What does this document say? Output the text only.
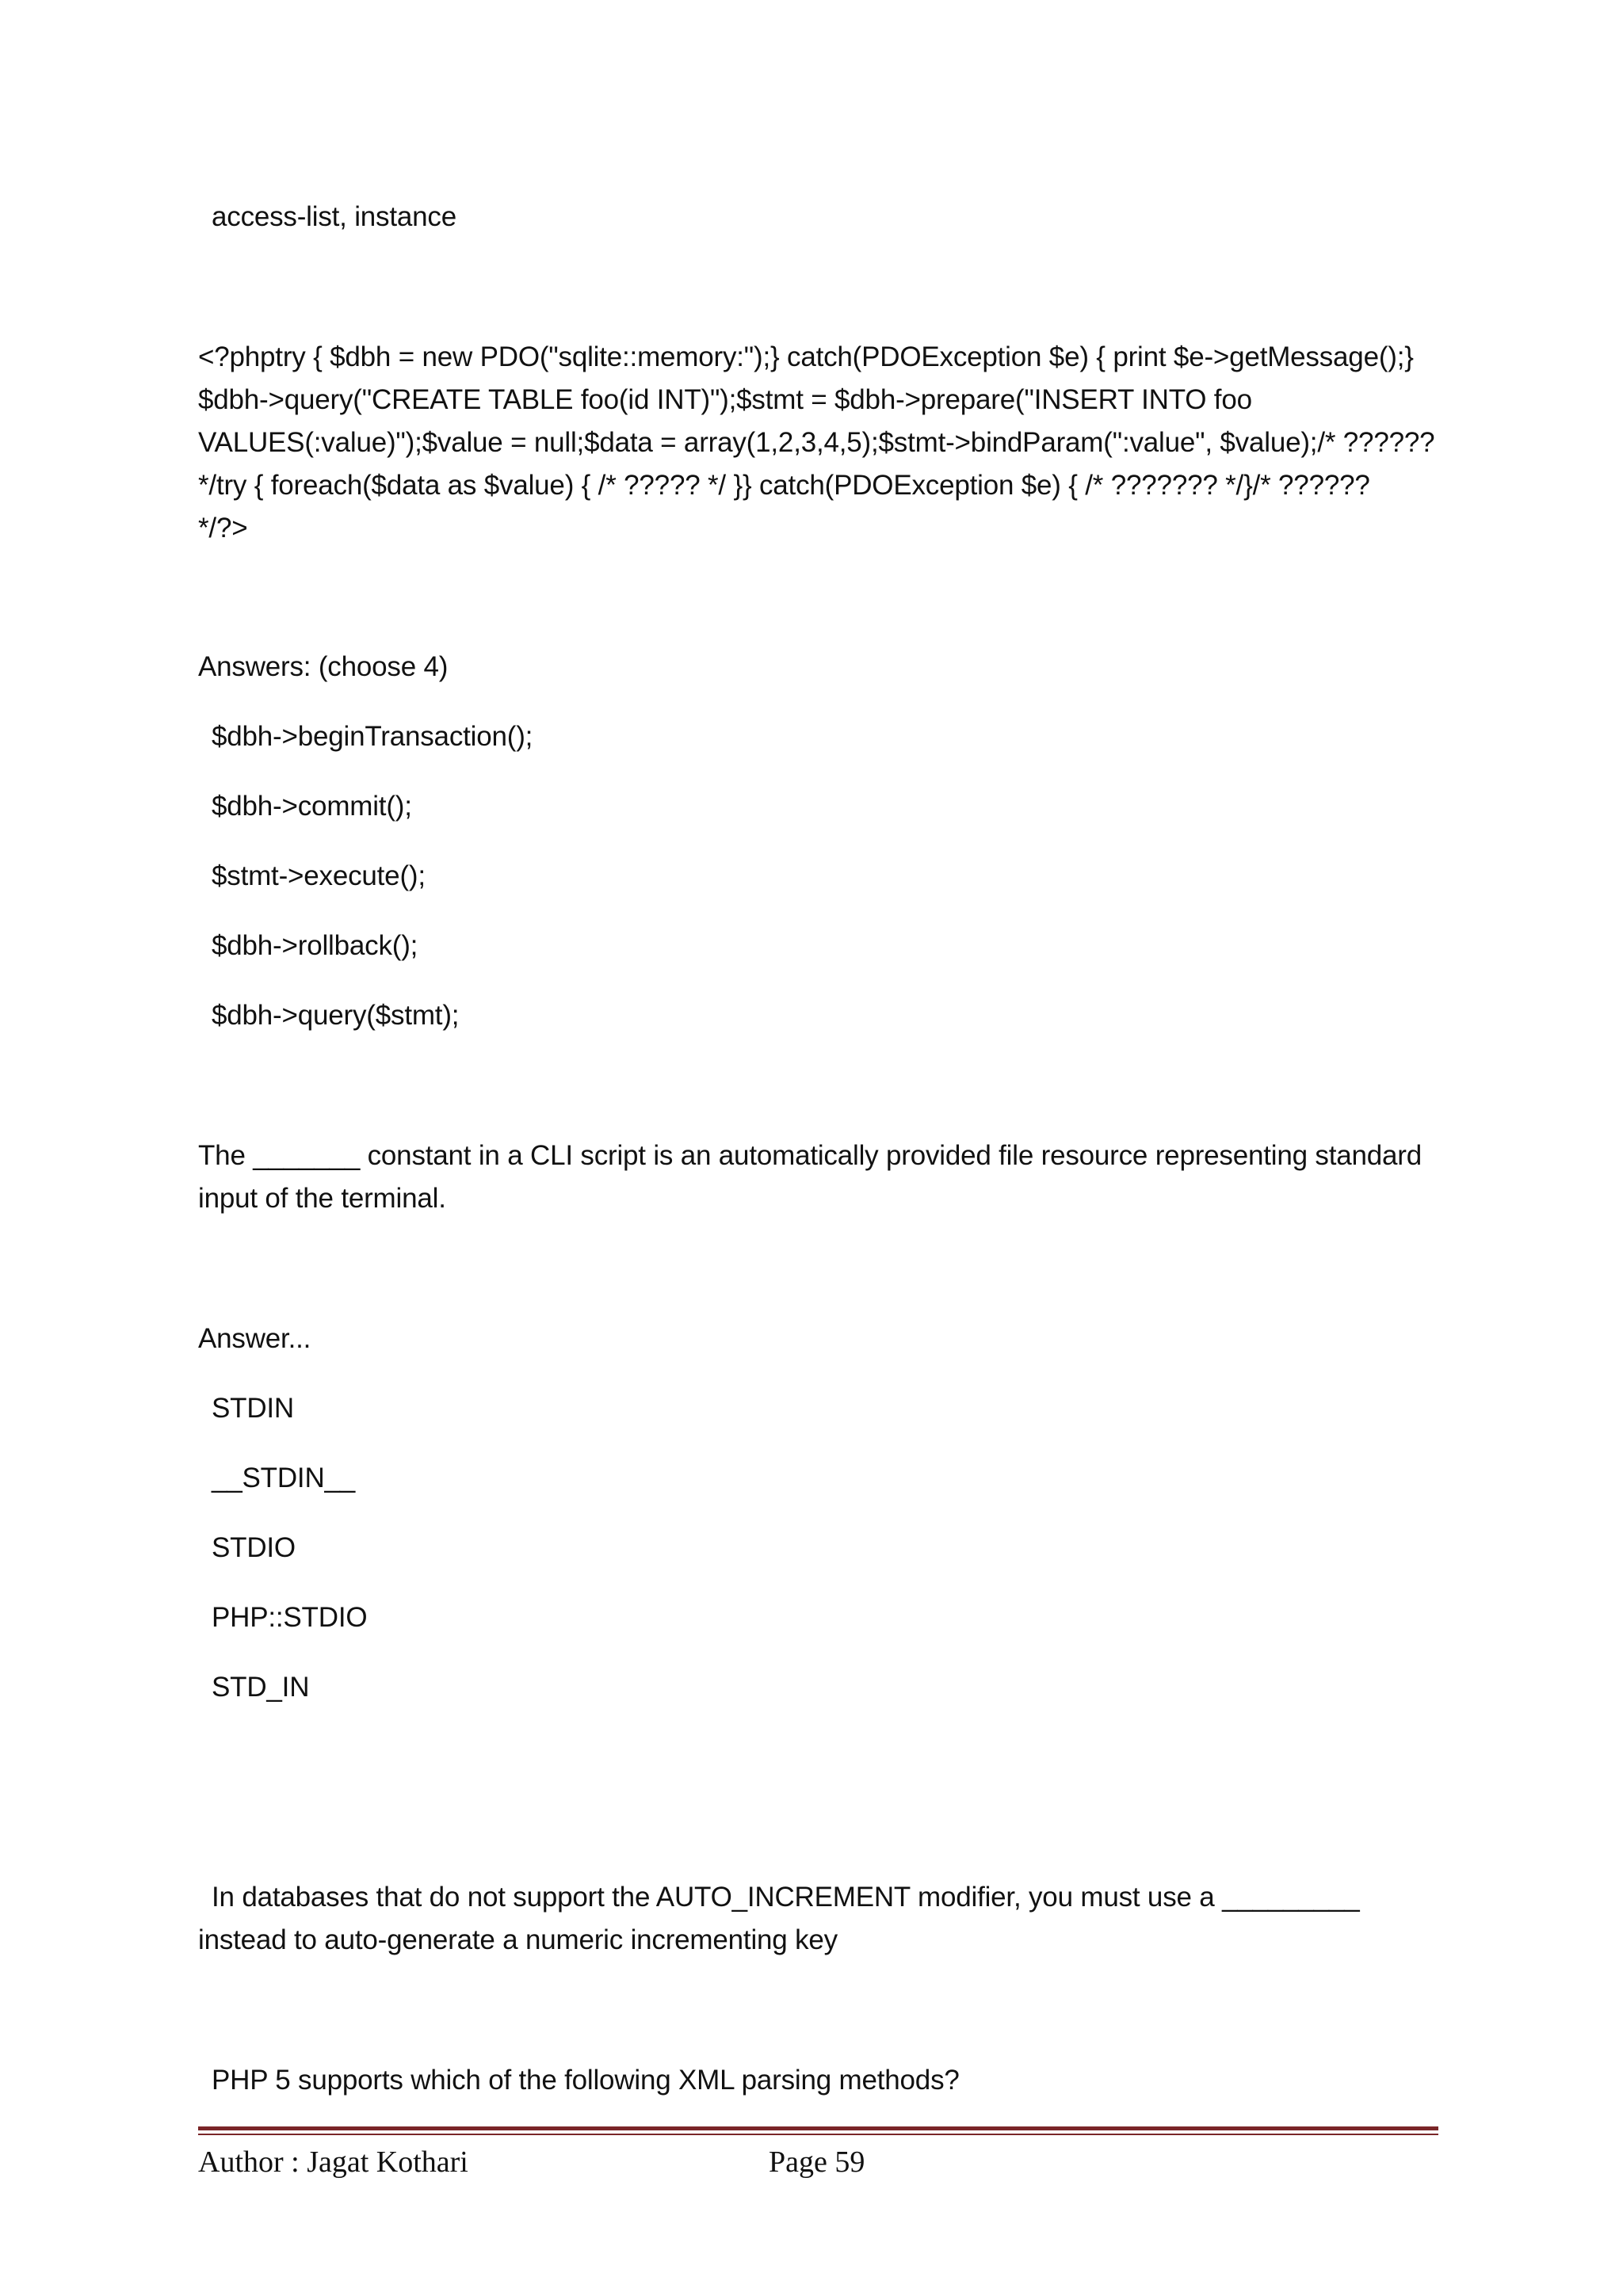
access-list, instance
<?phptry { $dbh = new PDO("sqlite::memory:");} catch(PDOException $e) { print $e->getMessage();}
$dbh->query("CREATE TABLE foo(id INT)");$stmt = $dbh->prepare("INSERT INTO foo
VALUES(:value)");$value = null;$data = array(1,2,3,4,5);$stmt->bindParam(":value", $value);/* ??????
*/try { foreach($data as $value) { /* ????? */ }} catch(PDOException $e) { /* ??????? */}/* ??????
*/?>
Answers: (choose 4)
$dbh->beginTransaction();
$dbh->commit();
$stmt->execute();
$dbh->rollback();
$dbh->query($stmt);
The _______ constant in a CLI script is an automatically provided file resource representing standard
input of the terminal.
Answer...
STDIN
__STDIN__
STDIO
PHP::STDIO
STD_IN
In databases that do not support the AUTO_INCREMENT modifier, you must use a _________
instead to auto-generate a numeric incrementing key
PHP 5 supports which of the following XML parsing methods?
Author : Jagat Kothari	Page 59
